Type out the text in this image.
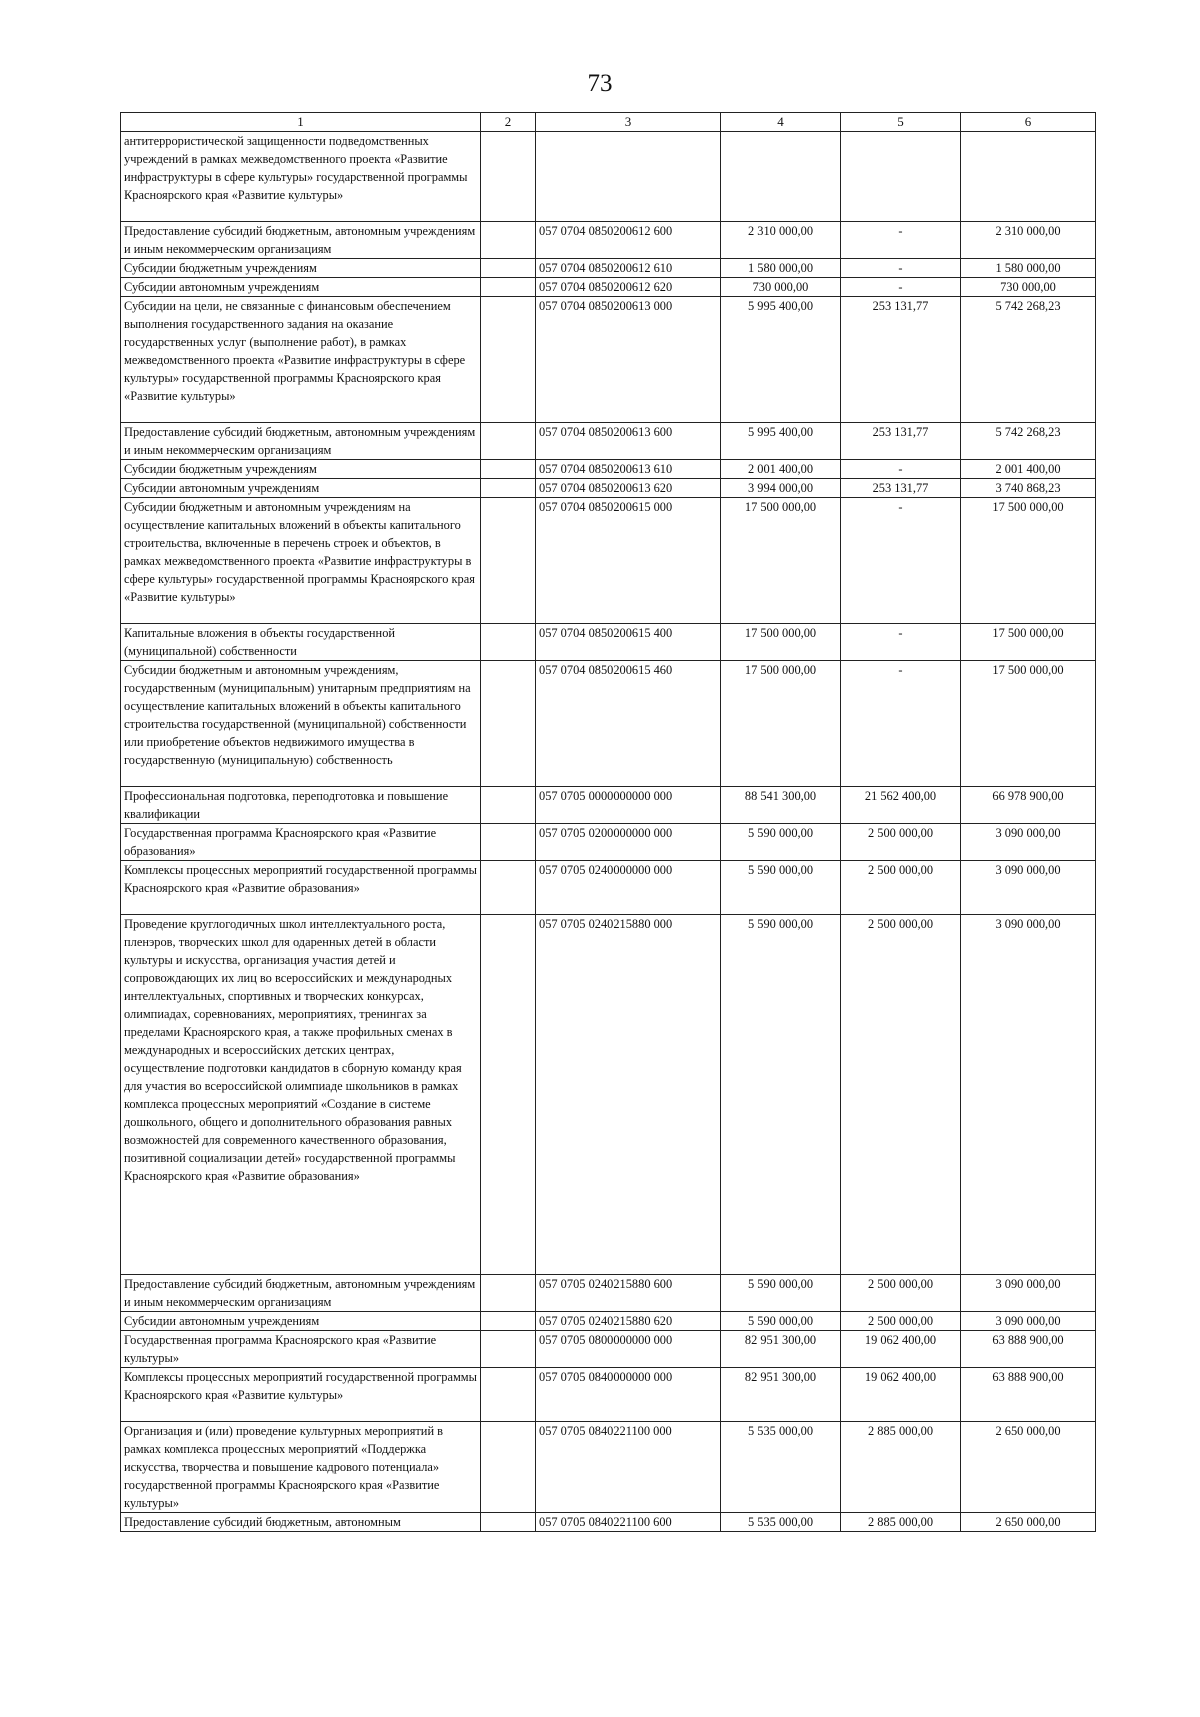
73
1	2	3	4	5	6
антитеррористической защищенности подведомственных учреждений в рамках межведомственного проекта «Развитие инфраструктуры в сфере культуры» государственной программы Красноярского края «Развитие культуры»					
Предоставление субсидий бюджетным, автономным учреждениям и иным некоммерческим организациям		057 0704 0850200612 600	2 310 000,00	-	2 310 000,00
Субсидии бюджетным учреждениям		057 0704 0850200612 610	1 580 000,00	-	1 580 000,00
Субсидии автономным учреждениям		057 0704 0850200612 620	730 000,00	-	730 000,00
Субсидии на цели, не связанные с финансовым обеспечением выполнения государственного задания на оказание государственных услуг (выполнение работ), в рамках межведомственного проекта «Развитие инфраструктуры в сфере культуры» государственной программы Красноярского края «Развитие культуры»		057 0704 0850200613 000	5 995 400,00	253 131,77	5 742 268,23
Предоставление субсидий бюджетным, автономным учреждениям и иным некоммерческим организациям		057 0704 0850200613 600	5 995 400,00	253 131,77	5 742 268,23
Субсидии бюджетным учреждениям		057 0704 0850200613 610	2 001 400,00	-	2 001 400,00
Субсидии автономным учреждениям		057 0704 0850200613 620	3 994 000,00	253 131,77	3 740 868,23
Субсидии бюджетным и автономным учреждениям на осуществление капитальных вложений в объекты капитального строительства, включенные в перечень строек и объектов, в рамках межведомственного проекта «Развитие инфраструктуры в сфере культуры» государственной программы Красноярского края «Развитие культуры»		057 0704 0850200615 000	17 500 000,00	-	17 500 000,00
Капитальные вложения в объекты государственной (муниципальной) собственности		057 0704 0850200615 400	17 500 000,00	-	17 500 000,00
Субсидии бюджетным и автономным учреждениям, государственным (муниципальным) унитарным предприятиям на осуществление капитальных вложений в объекты капитального строительства государственной (муниципальной) собственности или приобретение объектов недвижимого имущества в государственную (муниципальную) собственность		057 0704 0850200615 460	17 500 000,00	-	17 500 000,00
Профессиональная подготовка, переподготовка и повышение квалификации		057 0705 0000000000 000	88 541 300,00	21 562 400,00	66 978 900,00
Государственная программа Красноярского края «Развитие образования»		057 0705 0200000000 000	5 590 000,00	2 500 000,00	3 090 000,00
Комплексы процессных мероприятий государственной программы Красноярского края «Развитие образования»		057 0705 0240000000 000	5 590 000,00	2 500 000,00	3 090 000,00
Проведение круглогодичных школ интеллектуального роста, пленэров, творческих школ для одаренных детей в области культуры и искусства, организация участия детей и сопровождающих их лиц во всероссийских и международных интеллектуальных, спортивных и творческих конкурсах, олимпиадах, соревнованиях, мероприятиях, тренингах за пределами Красноярского края, а также профильных сменах в международных и всероссийских детских центрах, осуществление подготовки кандидатов в сборную команду края для участия во всероссийской олимпиаде школьников в рамках комплекса процессных мероприятий «Создание в системе дошкольного, общего и дополнительного образования равных возможностей для современного качественного образования, позитивной социализации детей» государственной программы Красноярского края «Развитие образования»		057 0705 0240215880 000	5 590 000,00	2 500 000,00	3 090 000,00
Предоставление субсидий бюджетным, автономным учреждениям и иным некоммерческим организациям		057 0705 0240215880 600	5 590 000,00	2 500 000,00	3 090 000,00
Субсидии автономным учреждениям		057 0705 0240215880 620	5 590 000,00	2 500 000,00	3 090 000,00
Государственная программа Красноярского края «Развитие культуры»		057 0705 0800000000 000	82 951 300,00	19 062 400,00	63 888 900,00
Комплексы процессных мероприятий государственной программы Красноярского края «Развитие культуры»		057 0705 0840000000 000	82 951 300,00	19 062 400,00	63 888 900,00
Организация и (или) проведение культурных мероприятий в рамках комплекса процессных мероприятий «Поддержка искусства, творчества и повышение кадрового потенциала» государственной программы Красноярского края «Развитие культуры»		057 0705 0840221100 000	5 535 000,00	2 885 000,00	2 650 000,00
Предоставление субсидий бюджетным, автономным		057 0705 0840221100 600	5 535 000,00	2 885 000,00	2 650 000,00
